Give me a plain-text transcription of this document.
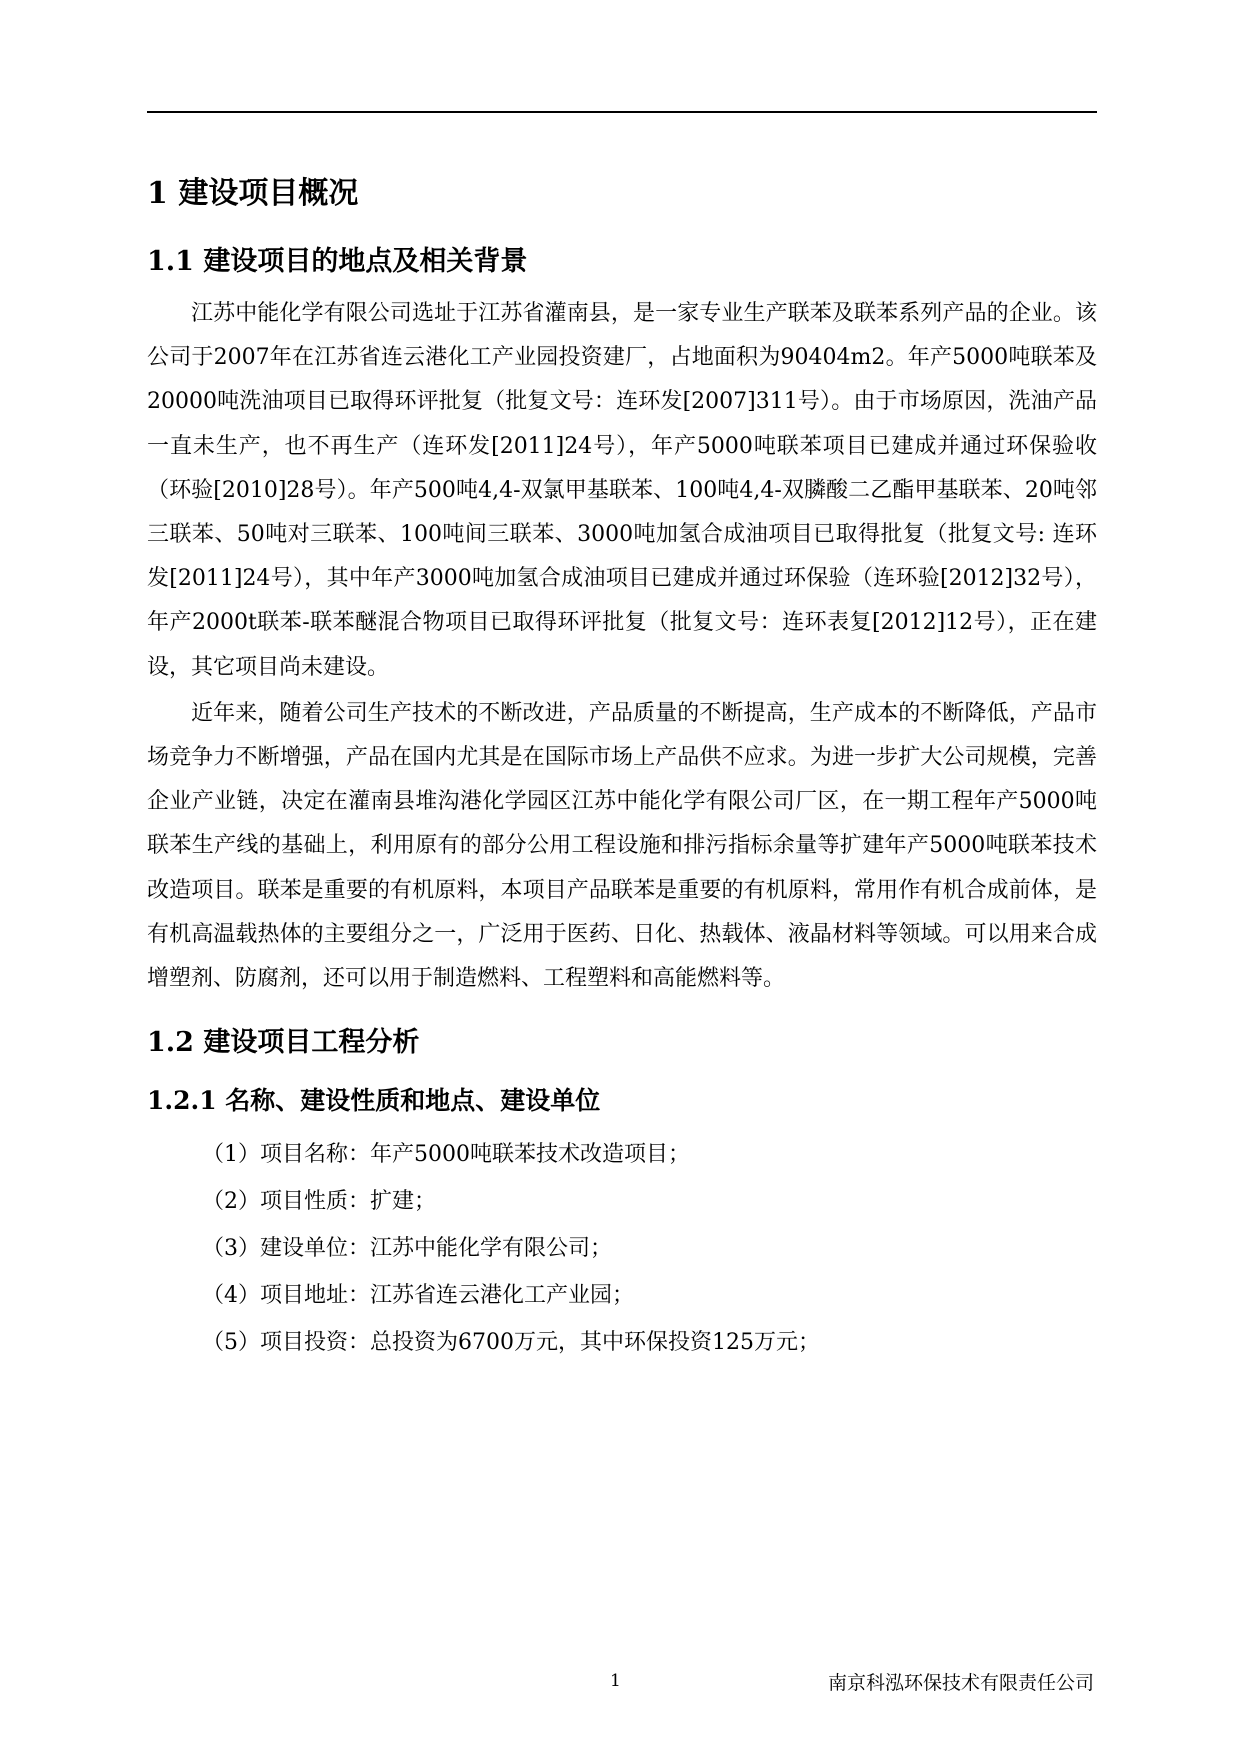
1 建设项目概况
1.1 建设项目的地点及相关背景

江苏中能化学有限公司选址于江苏省灌南县，是一家专业生产联苯及联苯系列产品的企业。该公司于2007年在江苏省连云港化工产业园投资建厂，占地面积为90404m2。年产5000吨联苯及20000吨洗油项目已取得环评批复（批复文号：连环发[2007]311号）。由于市场原因，洗油产品一直未生产，也不再生产（连环发[2011]24号），年产5000吨联苯项目已建成并通过环保验收（环验[2010]28号）。年产500吨4,4-双氯甲基联苯、100吨4,4-双膦酸二乙酯甲基联苯、20吨邻三联苯、50吨对三联苯、100吨间三联苯、3000吨加氢合成油项目已取得批复（批复文号: 连环发[2011]24号），其中年产3000吨加氢合成油项目已建成并通过环保验（连环验[2012]32号），年产2000t联苯-联苯醚混合物项目已取得环评批复（批复文号：连环表复[2012]12号），正在建设，其它项目尚未建设。

近年来，随着公司生产技术的不断改进，产品质量的不断提高，生产成本的不断降低，产品市场竞争力不断增强，产品在国内尤其是在国际市场上产品供不应求。为进一步扩大公司规模，完善企业产业链，决定在灌南县堆沟港化学园区江苏中能化学有限公司厂区，在一期工程年产5000吨联苯生产线的基础上，利用原有的部分公用工程设施和排污指标余量等扩建年产5000吨联苯技术改造项目。联苯是重要的有机原料，本项目产品联苯是重要的有机原料，常用作有机合成前体，是有机高温载热体的主要组分之一，广泛用于医药、日化、热载体、液晶材料等领域。可以用来合成增塑剂、防腐剂，还可以用于制造燃料、工程塑料和高能燃料等。

1.2 建设项目工程分析
1.2.1 名称、建设性质和地点、建设单位

（1）项目名称：年产5000吨联苯技术改造项目；

（2）项目性质：扩建；

（3）建设单位：江苏中能化学有限公司；

（4）项目地址：江苏省连云港化工产业园；

（5）项目投资：总投资为6700万元，其中环保投资125万元；

1	南京科泓环保技术有限责任公司
